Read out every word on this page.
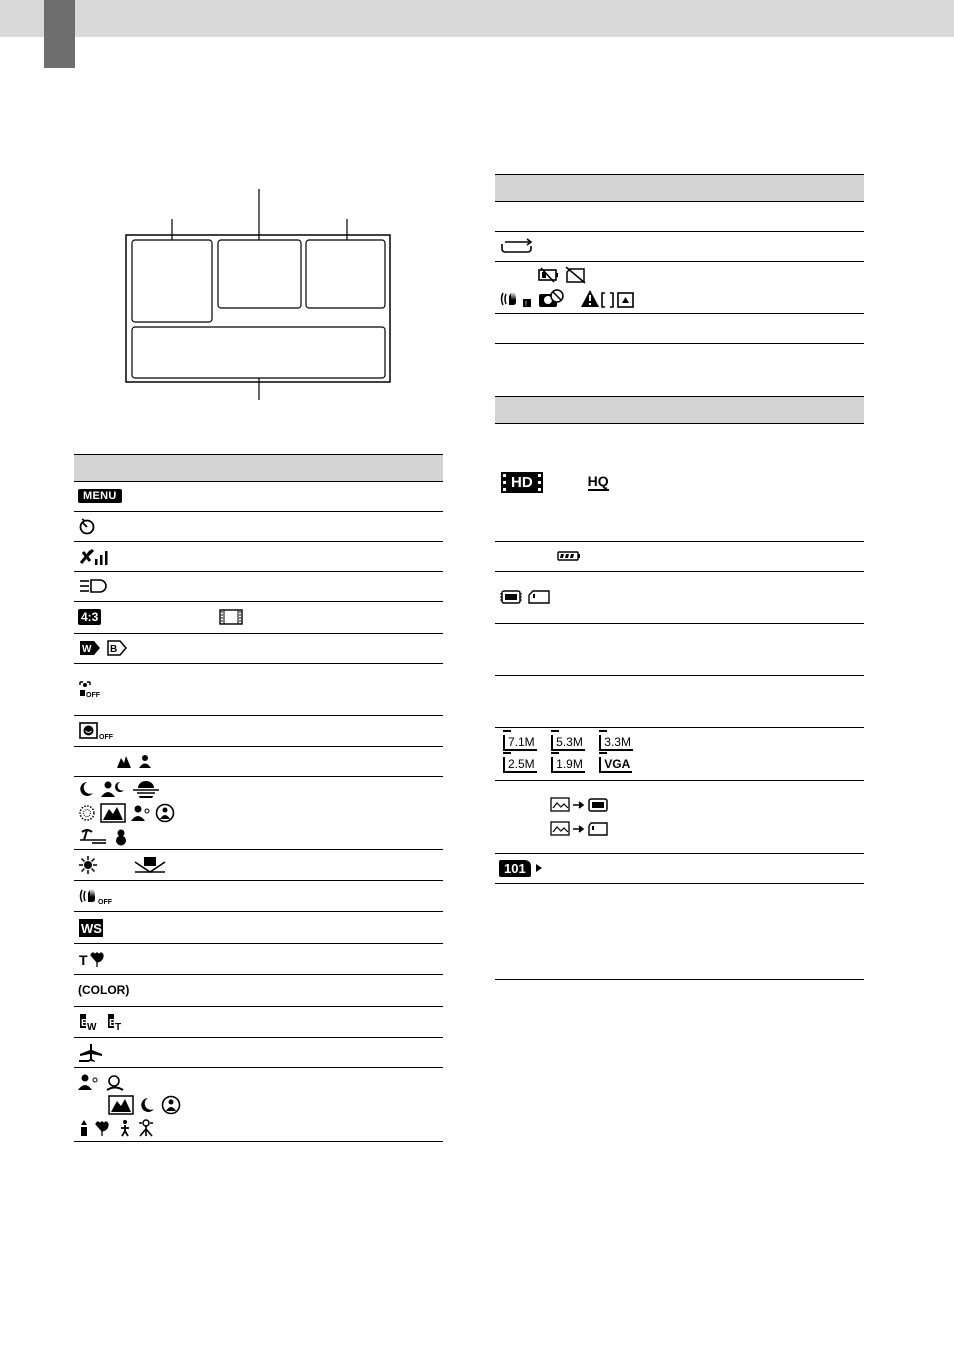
MENU

4:3

W B

OFF

OFF

OFF

WS

T

(COLOR)

B
W B
T

!

HD	HQ

7.1M 5.3M 3.3M
2.5M 1.9M VGA

101
